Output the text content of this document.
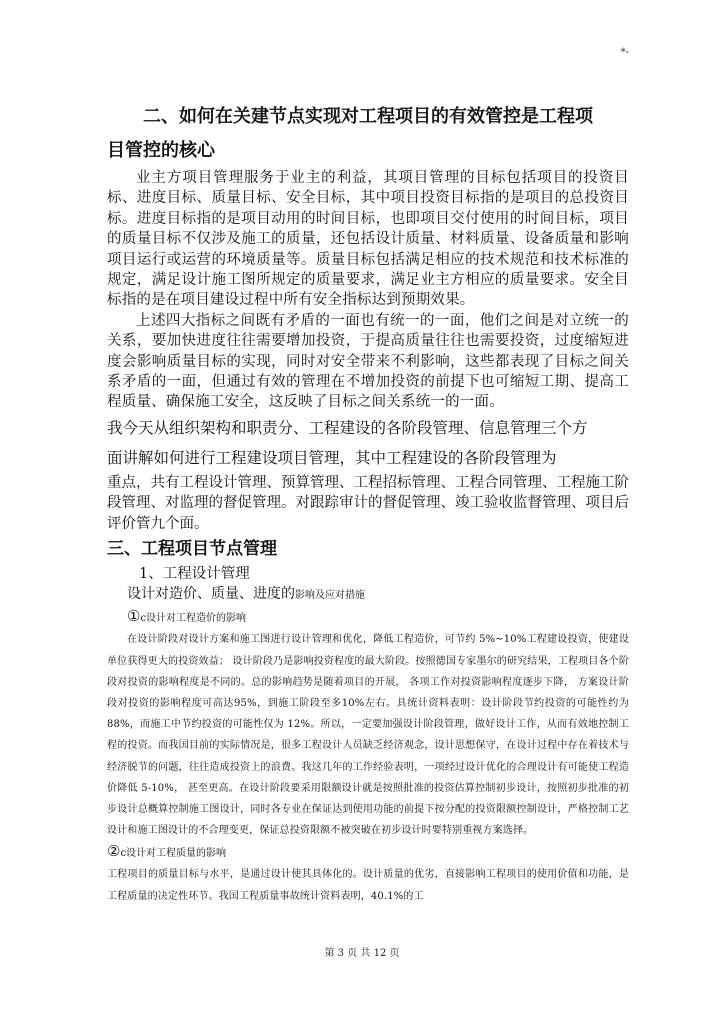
*-

二、如何在关建节点实现对工程项目的有效管控是工程项

目管控的核心

业主方项目管理服务于业主的利益，其项目管理的目标包括项目的投资目标、进度目标、质量目标、安全目标，其中项目投资目标指的是项目的总投资目标。进度目标指的是项目动用的时间目标，也即项目交付使用的时间目标，项目的质量目标不仅涉及施工的质量，还包括设计质量、材料质量、设备质量和影响项目运行或运营的环境质量等。质量目标包括满足相应的技术规范和技术标准的规定，满足设计施工图所规定的质量要求，满足业主方相应的质量要求。安全目标指的是在项目建设过程中所有安全指标达到预期效果。

上述四大指标之间既有矛盾的一面也有统一的一面，他们之间是对立统一的关系，要加快进度往往需要增加投资，于提高质量往往也需要投资，过度缩短进度会影响质量目标的实现，同时对安全带来不利影响，这些都表现了目标之间关系矛盾的一面，但通过有效的管理在不增加投资的前提下也可缩短工期、提高工程质量、确保施工安全，这反映了目标之间关系统一的一面。

我今天从组织架构和职责分、工程建设的各阶段管理、信息管理三个方

面讲解如何进行工程建设项目管理，其中工程建设的各阶段管理为

重点，共有工程设计管理、预算管理、工程招标管理、工程合同管理、工程施工阶段管理、对监理的督促管理。对跟踪审计的督促管理、竣工验收监督管理、项目后评价管九个面。

三、工程项目节点管理

1、工程设计管理

设计对造价、质量、进度的影响及应对措施

①c设计对工程造价的影响

在设计阶段对设计方案和施工图进行设计管理和优化，降低工程造价，可节约 5%~10%工程建设投资，使建设单位获得更大的投资效益； 设计阶段乃是影响投资程度的最大阶段。按照德国专家墨尔的研究结果，工程项目各个阶段对投资的影响程度是不同的。总的影响趋势是随着项目的开展， 各项工作对投资影响程度逐步下降， 方案设计阶段对投资的影响程度可高达95%，到施工阶段至多10%左右。具统计资料表明：设计阶段节约投资的可能性约为 88%，而施工中节约投资的可能性仅为 12%。所以，一定要加强设计阶段管理，做好设计工作，从而有效地控制工程的投资。而我国目前的实际情况是，很多工程设计人员缺乏经济观念，设计思想保守，在设计过程中存在着技术与经济脱节的问题，往往造成投资上的浪费。我这几年的工作经验表明，一项经过设计优化的合理设计有可能使工程造价降低 5-10%， 甚至更高。在设计阶段要采用限额设计就是按照批准的投资估算控制初步设计，按照初步批准的初步设计总概算控制施工图设计，同时各专业在保证达到使用功能的前提下按分配的投资限额控制设计，严格控制工艺设计和施工图设计的不合理变更，保证总投资限额不被突破在初步设计时要特别重视方案选择。

②c设计对工程质量的影响

工程项目的质量目标与水平，是通过设计使其具体化的。设计质量的优劣，直接影响工程项目的使用价值和功能，是工程质量的决定性环节。我国工程质量事故统计资料表明，40.1%的工

第 3 页 共 12 页
